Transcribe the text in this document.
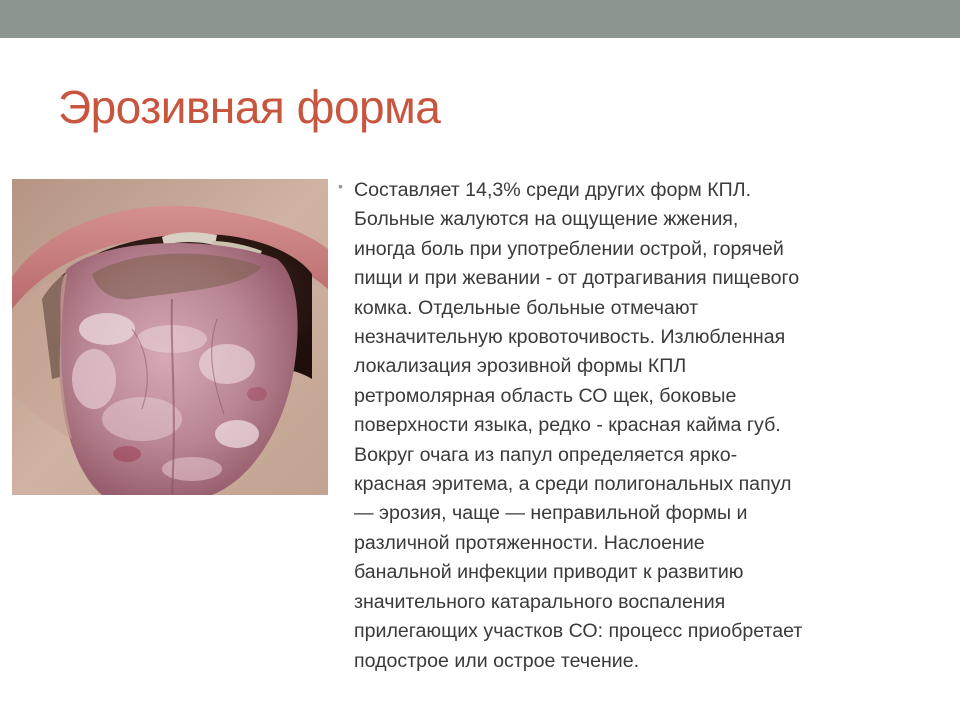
Эрозивная форма
• Составляет 14,3% среди других форм КПЛ.
Больные жалуются на ощущение жжения,
иногда боль при употреблении острой, горячей
пищи и при жевании - от дотрагивания пищевого
комка. Отдельные больные отмечают
незначительную кровоточивость. Излюбленная
локализация эрозивной формы КПЛ
ретромолярная область СО щек, боковые
поверхности языка, редко - красная кайма губ.
Вокруг очага из папул определяется ярко-
красная эритема, а среди полигональных папул
— эрозия, чаще — неправильной формы и
различной протяженности. Наслоение
банальной инфекции приводит к развитию
значительного катарального воспаления
прилегающих участков СО: процесс приобретает
подострое или острое течение.
